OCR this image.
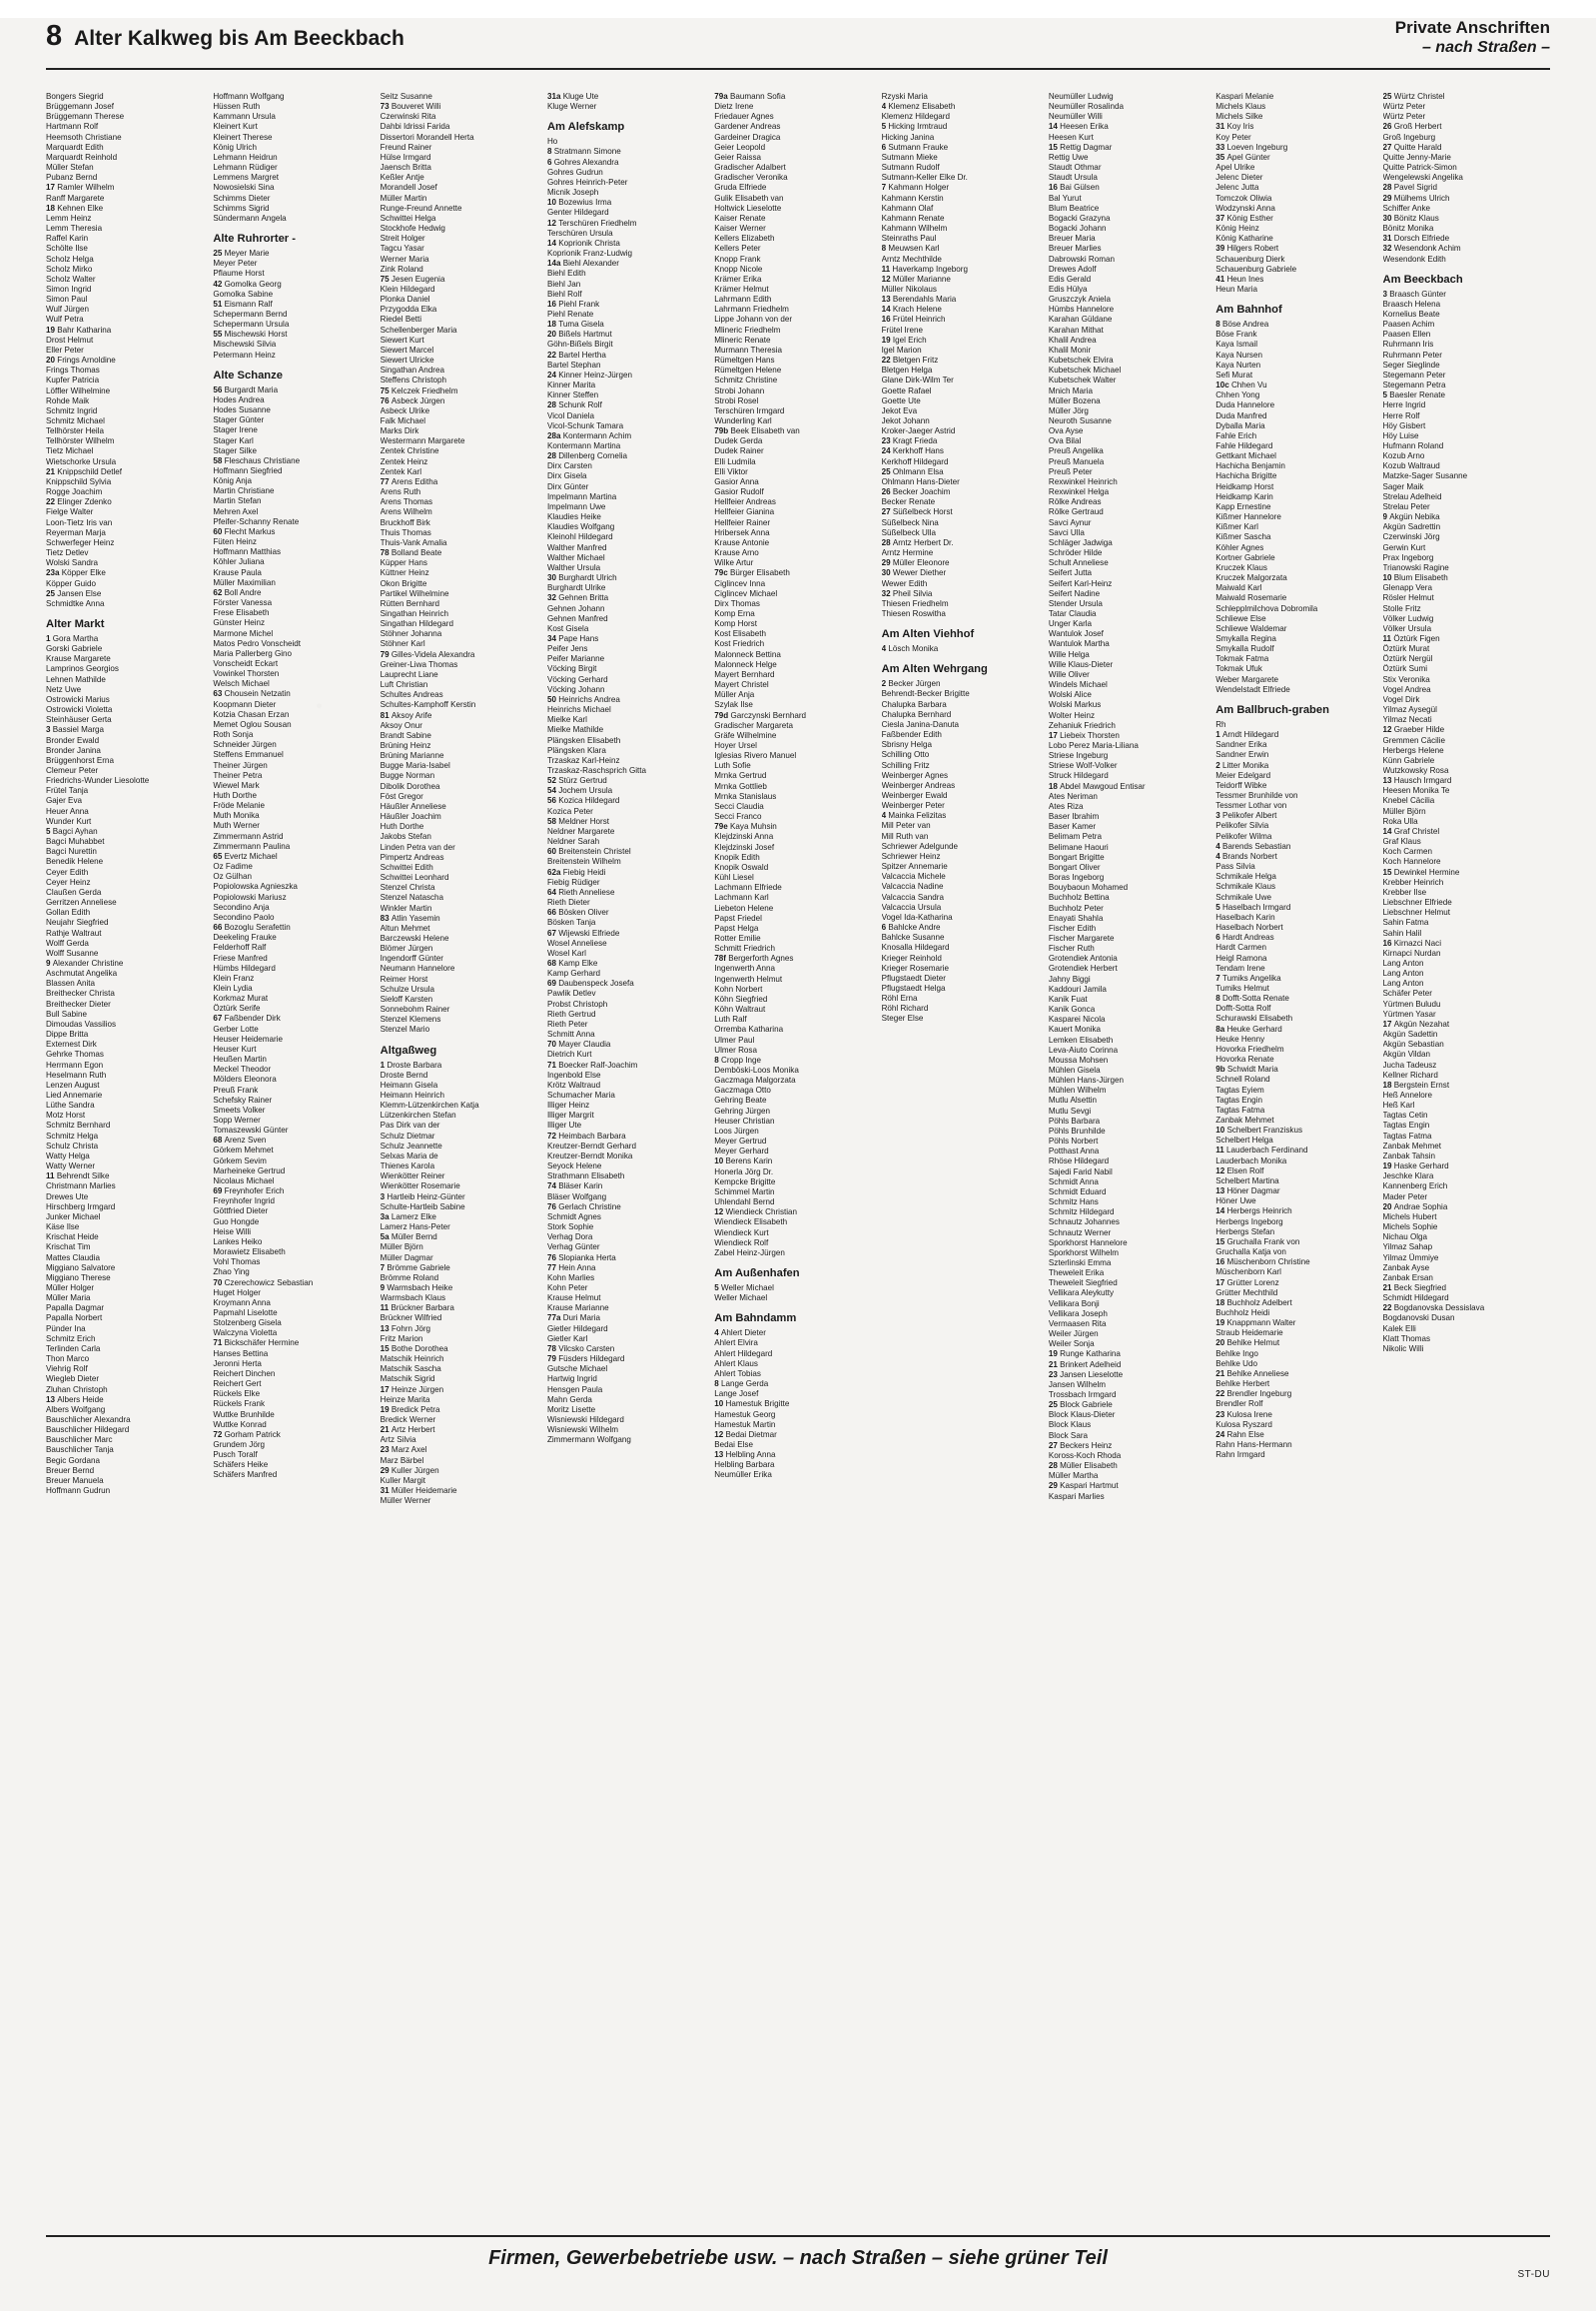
8 Alter Kalkweg bis Am Beeckbach	Private Anschriften
– nach Straßen –
Bongers Siegrid
Brüggemann Josef
Brüggemann Therese
Hartmann Rolf
Heemsoth Christiane
Marquardt Edith
Marquardt Reinhold
Müller Stefan
Pubanz Bernd
17 Ramler Wilhelm
Ranff Margarete
18 Kehnen Elke
Lemm Heinz
Lemm Theresia
Raffel Karin
Schölte Ilse
Scholz Helga
Scholz Mirko
Scholz Walter
Simon Ingrid
Simon Paul
Wulf Jürgen
Wulf Petra
19 Bahr Katharina
Drost Helmut
Eller Peter
20 Frings Arnoldine
Frings Thomas
Kupfer Patricia
Löffler Wilhelmine
Rohde Maik
Schmitz Ingrid
Schmitz Michael
Tellhörster Heila
Tellhörster Wilhelm
Tietz Michael
Wietschorke Ursula
21 Knippschild Detlef
Knippschild Sylvia
Rogge Joachim
22 Elinger Zdenko
Fielge Walter
Loon-Tietz Iris van
Reyerman Marja
Schwerfeger Heinz
Tietz Detlev
Wolski Sandra
23a Köpper Elke
Köpper Guido
25 Jansen Else
Schmidtke Anna
Alter Markt
1 Gora Martha
Gorski Gabriele
Krause Margarete
Lamprinos Georgios
Lehnen Mathilde
Netz Uwe
Ostrowicki Marius
Ostrowicki Violetta
Steinhäuser Gerta
3 Bassiel Marga
Bronder Ewald
Bronder Janina
Brüggenhorst Erna
Clemeur Peter
Friedrichs-Wunder Liesolotte
Frütel Tanja
Gajer Eva
Heuer Anna
Wunder Kurt
5 Bagci Ayhan
Bagci Muhabbet
Bagci Nurettin
Benedik Helene
Ceyer Edith
Ceyer Heinz
Claußen Gerda
Gerritzen Anneliese
Gollan Edith
Neujahr Siegfried
Rathje Waltraut
Wolff Gerda
Wolff Susanne
9 Alexander Christine
Aschmutat Angelika
Blassen Anita
Breithecker Christa
Breithecker Dieter
Bull Sabine
Dimoudas Vassilios
Dippe Britta
Externest Dirk
Gehrke Thomas
Herrmann Egon
Heselmann Ruth
Lenzen August
Lied Annemarie
Lüthe Sandra
Motz Horst
Schmitz Bernhard
Schmitz Helga
Schulz Christa
Watty Helga
Watty Werner
11 Behrendt Silke
Christmann Marlies
Drewes Ute
Hirschberg Irmgard
Junker Michael
Käse Ilse
Krischat Heide
Krischat Tim
Mattes Claudia
Miggiano Salvatore
Miggiano Therese
Müller Holger
Müller Maria
Papalla Dagmar
Papalla Norbert
Pünder Ina
Schmitz Erich
Terlinden Carla
Thon Marco
Viehrig Rolf
Wiegleb Dieter
Zluhan Christoph
13 Albers Heide
Albers Wolfgang
Bauschlicher Alexandra
Bauschlicher Hildegard
Bauschlicher Marc
Bauschlicher Tanja
Begic Gordana
Breuer Bernd
Breuer Manuela
Hoffmann Gudrun
Hoffmann Wolfgang
Hüssen Ruth
Kammann Ursula
Kleinert Kurt
Kleinert Therese
König Ulrich
Lehmann Heidrun
Lehmann Rüdiger
Lemmens Margret
Nowosielski Sina
Schimms Dieter
Schimms Sigrid
Sündermann Angela
Alte Ruhrorter -
25 Meyer Marie
Meyer Peter
Pflaume Horst
42 Gomolka Georg
Gomolka Sabine
51 Eismann Ralf
Schepermann Bernd
Schepermann Ursula
55 Mischewski Horst
Mischewski Silvia
Petermann Heinz
Alte Schanze
56 Burgardt Maria
Hodes Andrea
Hodes Susanne
Stager Günter
Stager Irene
Stager Karl
Stager Silke
58 Fleschaus Christiane
Hoffmann Siegfried
König Anja
Martin Christiane
Martin Stefan
Mehren Axel
Pfeifer-Schanny Renate
60 Flecht Markus
Füten Heinz
Hoffmann Matthias
Köhler Juliana
Krause Paula
Müller Maximilian
62 Boll Andre
Förster Vanessa
Frese Elisabeth
Günster Heinz
Marmone Michel
Matos Pedro Vonscheidt
Maria Pallerberg Gino
Vonscheidt Eckart
Vowinkel Thorsten
Welsch Michael
63 Chousein Netzatin
Koopmann Dieter
Kotzia Chasan Erzan
Memet Oglou Sousan
Roth Sonja
Schneider Jürgen
Steffens Emmanuel
Theiner Jürgen
Theiner Petra
Wiewel Mark
Huth Dorthe
Fröde Melanie
Muth Monika
Muth Werner
Zimmermann Astrid
Zimmermann Paulina
65 Evertz Michael
Oz Fadime
Oz Gülhan
Popiolowska Agnieszka
Popiolowski Mariusz
Secondino Anja
Secondino Paolo
66 Bozoglu Serafettin
Deekeling Frauke
Felderhoff Ralf
Friese Manfred
Hümbs Hildegard
Klein Franz
Klein Lydia
Korkmaz Murat
Öztürk Serife
67 Faßbender Dirk
Gerber Lotte
Heuser Heidemarie
Heuser Kurt
Heußen Martin
Meckel Theodor
Mölders Eleonora
Preuß Frank
Schefsky Rainer
Smeets Volker
Sopp Werner
Tomaszewski Günter
68 Arenz Sven
Görkem Mehmet
Görkem Sevim
Marheineke Gertrud
Nicolaus Michael
69 Freynhofer Erich
Freynhofer Ingrid
Göttfried Dieter
Guo Hongde
Heise Willi
Lankes Heiko
Morawietz Elisabeth
Vohl Thomas
Zhao Ying
70 Czerechowicz Sebastian
Huget Holger
Kroymann Anna
Papmahl Liselotte
Stolzenberg Gisela
Walczyna Violetta
71 Bickschäfer Hermine
Hanses Bettina
Jeronni Herta
Reichert Dinchen
Reichert Gert
Rückels Elke
Rückels Frank
Wuttke Brunhilde
Wuttke Konrad
72 Gorham Patrick
Grundem Jörg
Pusch Toralf
Schäfers Heike
Schäfers Manfred
Seitz Susanne
73 Bouveret Willi
Czerwinski Rita
Dahbi Idrissi Farida
Dissertori Morandell Herta
Freund Rainer
Hülse Irmgard
Jaensch Britta
Keßler Antje
Morandell Josef
Müller Martin
Runge-Freund Annette
Schwittei Helga
Stockhofe Hedwig
Streit Holger
Tagcu Yasar
Werner Maria
Zink Roland
75 Jesen Eugenia
Klein Hildegard
Plonka Daniel
Przygodda Elka
Riedel Betti
Schellenberger Maria
Siewert Kurt
Siewert Marcel
Siewert Ulricke
Singathan Andrea
Steffens Christoph
75 Kelczek Friedhelm
76 Asbeck Jürgen
Asbeck Ulrike
Falk Michael
Marks Dirk
Westermann Margarete
Zentek Christine
Zentek Heinz
Zentek Karl
77 Arens Editha
Arens Ruth
Arens Thomas
Arens Wilhelm
Bruckhoff Birk
Thuis Thomas
Thuis-Vank Amalia
78 Bolland Beate
Küpper Hans
Küttner Heinz
Okon Brigitte
Partikel Wilhelmine
Rütten Bernhard
Singathan Heinrich
Singathan Hildegard
Stöhner Johanna
Stöhner Karl
79 Gilles-Videla Alexandra
Greiner-Liwa Thomas
Lauprecht Liane
Luft Christian
Schultes Andreas
Schultes-Kamphoff Kerstin
81 Aksoy Arife
Aksoy Onur
Brandt Sabine
Brüning Heinz
Brüning Marianne
Bugge Maria-Isabel
Bugge Norman
Dibolik Dorothea
Föst Gregor
Häußler Anneliese
Häußler Joachim
Huth Dorthe
Jakobs Stefan
Linden Petra van der
Pimpertz Andreas
Schwittei Edith
Schwittei Leonhard
Stenzel Christa
Stenzel Natascha
Winkler Martin
83 Atlin Yasemin
Altun Mehmet
Barczewski Helene
Blömer Jürgen
Ingendorff Günter
Neumann Hannelore
Reimer Horst
Schulze Ursula
Sieloff Karsten
Sonnebohm Rainer
Stenzel Klemens
Stenzel Mario
Altgaßweg
1 Droste Barbara
Droste Bernd
Heimann Gisela
Heimann Heinrich
Klemm-Lützenkirchen Katja
Lützenkirchen Stefan
Pas Dirk van der
Schulz Dietmar
Schulz Jeannette
Selxas Maria de
Thienes Karola
Wienkötter Reiner
Wienkötter Rosemarie
3 Hartleib Heinz-Günter
Schulte-Hartleib Sabine
3a Lamerz Elke
Lamerz Hans-Peter
5a Müller Bernd
Müller Björn
Müller Dagmar
7 Brömme Gabriele
Brömme Roland
9 Warmsbach Heike
Warmsbach Klaus
11 Brückner Barbara
Brückner Wilfried
13 Fohrn Jörg
Fritz Marion
15 Bothe Dorothea
Matschik Heinrich
Matschik Sascha
Matschik Sigrid
17 Heinze Jürgen
Heinze Marita
19 Bredick Petra
Bredick Werner
21 Artz Herbert
Artz Silvia
23 Marz Axel
Marz Bärbel
29 Kuller Jürgen
Kuller Margit
31 Müller Heidemarie
Müller Werner
31a Kluge Ute
Kluge Werner
Am Alefskamp
Ho
8 Stratmann Simone
6 Gohres Alexandra
Gohres Gudrun
Gohres Heinrich-Peter
Micnik Joseph
10 Bozewius Irma
Genter Hildegard
12 Terschüren Friedhelm
Terschüren Ursula
14 Koprionik Christa
Koprionik Franz-Ludwig
14a Biehl Alexander
Biehl Edith
Biehl Jan
Biehl Rolf
16 Piehl Frank
Piehl Renate
18 Tuma Gisela
20 Bißels Hartmut
Göhn-Bißels Birgit
22 Bartel Hertha
Bartel Stephan
24 Kinner Heinz-Jürgen
Kinner Marita
Kinner Steffen
28 Schunk Rolf
Vicol Daniela
Vicol-Schunk Tamara
28a Kontermann Achim
Kontermann Martina
28 Dillenberg Cornelia
Dirx Carsten
Dirx Gisela
Dirx Günter
Impelmann Martina
Impelmann Uwe
Klaudies Heike
Klaudies Wolfgang
Kleinohl Hildegard
Walther Manfred
Walther Michael
Walther Ursula
30 Burghardt Ulrich
Burghardt Ulrike
32 Gehnen Britta
Gehnen Johann
Gehnen Manfred
Kost Gisela
34 Pape Hans
Peifer Jens
Peifer Marianne
Vöcking Birgit
Vöcking Gerhard
Vöcking Johann
50 Heinrichs Andrea
Heinrichs Michael
Mielke Karl
Mielke Mathilde
Plängsken Elisabeth
Plängsken Klara
Trzaskaz Karl-Heinz
Trzaskaz-Raschsprich Gitta
52 Stürz Gertrud
54 Jochem Ursula
56 Kozica Hildegard
Kozica Peter
58 Meldner Horst
Neldner Margarete
Neldner Sarah
60 Breitenstein Christel
Breitenstein Wilhelm
62a Fiebig Heidi
Fiebig Rüdiger
64 Rieth Anneliese
Rieth Dieter
66 Bösken Oliver
Bösken Tanja
67 Wijewski Elfriede
Wosel Anneliese
Wosel Karl
68 Kamp Elke
Kamp Gerhard
69 Daubenspeck Josefa
Pawlik Detlev
Probst Christoph
Rieth Gertrud
Rieth Peter
Schmitt Anna
70 Mayer Claudia
Dietrich Kurt
71 Boecker Ralf-Joachim
Ingenbold Else
Krötz Waltraud
Schumacher Maria
Illiger Heinz
Illiger Margrit
Illiger Ute
72 Heimbach Barbara
Kreutzer-Berndt Gerhard
Kreutzer-Berndt Monika
Seyock Helene
Strathmann Elisabeth
74 Bläser Karin
Bläser Wolfgang
76 Gerlach Christine
Schmidt Agnes
Stork Sophie
Verhag Dora
Verhag Günter
76 Slopianka Herta
77 Hein Anna
Kohn Marlies
Kohn Peter
Krause Helmut
Krause Marianne
77a Duri Maria
Gietler Hildegard
Gietler Karl
78 Vilcsko Carsten
79 Füsders Hildegard
Gutsche Michael
Hartwig Ingrid
Hensgen Paula
Mahn Gerda
Moritz Lisette
Wisniewski Hildegard
Wisniewski Wilhelm
Zimmermann Wolfgang
79a Baumann Sofia
Dietz Irene
Friedauer Agnes
Gardener Andreas
Gardeiner Dragica
Geier Leopold
Geier Raissa
Gradischer Adalbert
Gradischer Veronika
Gruda Elfriede
Gulik Elisabeth van
Holtwick Lieselotte
Kaiser Renate
Kaiser Werner
Kellers Elizabeth
Kellers Peter
Knopp Frank
Knopp Nicole
Krämer Erika
Krämer Helmut
Lahrmann Edith
Lahrmann Friedhelm
Lippe Johann von der
Mlineric Friedhelm
Mlineric Renate
Murmann Theresia
Rümeltgen Hans
Rümeltgen Helene
Schmitz Christine
Strobi Johann
Strobi Rosel
Terschüren Irmgard
Wunderling Karl
79b Beek Elisabeth van
Dudek Gerda
Dudek Rainer
Elli Ludmila
Elli Viktor
Gasior Anna
Gasior Rudolf
Hellfeier Andreas
Hellfeier Gianina
Hellfeier Rainer
Hribersek Anna
Krause Antonie
Krause Arno
Wilke Artur
79c Bürger Elisabeth
Ciglincev Inna
Ciglincev Michael
Dirx Thomas
Komp Erna
Komp Horst
Kost Elisabeth
Kost Friedrich
Malonneck Bettina
Malonneck Helge
Mayert Bernhard
Mayert Christel
Müller Anja
Szylak Ilse
79d Garczynski Bernhard
Gradischer Margareta
Gräfe Wilhelmine
Hoyer Ursel
Iglesias Rivero Manuel
Luth Sofie
Mrnka Gertrud
Mrnka Gottlieb
Mrnka Stanislaus
Secci Claudia
Secci Franco
79e Kaya Muhsin
Klejdzinski Anna
Klejdzinski Josef
Knopik Edith
Knopik Oswald
Kühl Liesel
Lachmann Elfriede
Lachmann Karl
Liebeton Helene
Papst Friedel
Papst Helga
Rotter Emilie
Schmitt Friedrich
78f Bergerforth Agnes
Ingenwerth Anna
Ingenwerth Helmut
Kohn Norbert
Köhn Siegfried
Köhn Waltraut
Luth Ralf
Orremba Katharina
Ulmer Paul
Ulmer Rosa
8 Cropp Inge
Demböski-Loos Monika
Gaczmaga Malgorzata
Gaczmaga Otto
Gehring Beate
Gehring Jürgen
Heuser Christian
Loos Jürgen
Meyer Gertrud
Meyer Gerhard
10 Berens Karin
Honerla Jörg Dr.
Kempcke Brigitte
Schimmel Martin
Uhlendahl Bernd
12 Wiendieck Christian
Wiendieck Elisabeth
Wiendieck Kurt
Wiendieck Rolf
Zabel Heinz-Jürgen
Am Außenhafen
5 Weller Michael
Weller Michael
Am Bahndamm
4 Ahlert Dieter
Ahlert Elvira
Ahlert Hildegard
Ahlert Klaus
Ahlert Tobias
8 Lange Gerda
Lange Josef
10 Hamestuk Brigitte
Hamestuk Georg
Hamestuk Martin
12 Bedai Dietmar
Bedai Else
13 Helbling Anna
Helbling Barbara
Neumüller Erika
Rzyski Maria
4 Klemenz Elisabeth
Klemenz Hildegard
5 Hicking Irmtraud
Hicking Janina
6 Sutmann Frauke
Sutmann Mieke
Sutmann Rudolf
Sutmann-Keller Elke Dr.
7 Kahmann Holger
Kahmann Kerstin
Kahmann Olaf
Kahmann Renate
Kahmann Wilhelm
Steinraths Paul
8 Meuwsen Karl
Arntz Mechthilde
11 Haverkamp Ingeborg
12 Müller Marianne
Müller Nikolaus
13 Berendahls Maria
14 Krach Helene
16 Frütel Heinrich
Frütel Irene
19 Igel Erich
Igel Marion
22 Bletgen Fritz
Bletgen Helga
Glane Dirk-Wilm Ter
Goette Rafael
Goette Ute
Jekot Eva
Jekot Johann
Kroker-Jaeger Astrid
23 Kragt Frieda
24 Kerkhoff Hans
Kerkhoff Hildegard
25 Ohlmann Elsa
Ohlmann Hans-Dieter
26 Becker Joachim
Becker Renate
27 Süßelbeck Horst
Süßelbeck Nina
Süßelbeck Ulla
28 Arntz Herbert Dr.
Arntz Hermine
29 Müller Eleonore
30 Wewer Diether
Wewer Edith
32 Pheil Silvia
Thiesen Friedhelm
Thiesen Roswitha
Am Alten Viehhof
4 Lösch Monika
Am Alten Wehrgang
2 Becker Jürgen
Behrendt-Becker Brigitte
Chalupka Barbara
Chalupka Bernhard
Ciesla Janina-Danuta
Faßbender Edith
Sbrisny Helga
Schilling Otto
Schilling Fritz
Weinberger Agnes
Weinberger Andreas
Weinberger Ewald
Weinberger Peter
4 Mainka Felizitas
Mill Peter van
Mill Ruth van
Schriewer Adelgunde
Schriewer Heinz
Spitzer Annemarie
Valcaccia Michele
Valcaccia Nadine
Valcaccia Sandra
Valcaccia Ursula
Vogel Ida-Katharina
6 Bahlcke Andre
Bahlcke Susanne
Knosalla Hildegard
Krieger Reinhold
Krieger Rosemarie
Pflugstaedt Dieter
Pflugstaedt Helga
Röhl Erna
Röhl Richard
Steger Else
Neumüller Ludwig
Neumüller Rosalinda
Neumüller Willi
14 Heesen Erika
Heesen Kurt
15 Rettig Dagmar
Rettig Uwe
Staudt Othmar
Staudt Ursula
16 Bai Gülsen
Bal Yurut
Blum Beatrice
Bogacki Grazyna
Bogacki Johann
Breuer Maria
Breuer Marlies
Dabrowski Roman
Drewes Adolf
Edis Gerald
Edis Hülya
Gruszczyk Aniela
Hümbs Hannelore
Karahan Güldane
Karahan Mithat
Khalil Andrea
Khalil Monir
Kubetschek Elvira
Kubetschek Michael
Kubetschek Walter
Mnich Maria
Müller Bozena
Müller Jörg
Neuroth Susanne
Ova Ayse
Ova Bilal
Preuß Angelika
Preuß Manuela
Preuß Peter
Rexwinkel Heinrich
Rexwinkel Helga
Rölke Andreas
Rölke Gertraud
Savci Aynur
Savci Ulla
Schläger Jadwiga
Schröder Hilde
Schult Anneliese
Seifert Jutta
Seifert Karl-Heinz
Seifert Nadine
Stender Ursula
Tatar Claudia
Unger Karla
Wantulok Josef
Wantulok Martha
Wille Helga
Wille Klaus-Dieter
Wille Oliver
Windels Michael
Wolski Alice
Wolski Markus
Wolter Heinz
Zehaniuk Friedrich
17 Liebeix Thorsten
Lobo Perez Maria-Liliana
Striese Ingeburg
Striese Wolf-Volker
Struck Hildegard
18 Abdel Mawgoud Entisar
Ates Neriman
Ates Riza
Baser Ibrahim
Baser Kamer
Belimam Petra
Belimane Haouri
Bongart Brigitte
Bongart Oliver
Boras Ingeborg
Bouybaoun Mohamed
Buchholz Bettina
Buchholz Peter
Enayati Shahla
Fischer Edith
Fischer Margarete
Fischer Ruth
Grotendiek Antonia
Grotendiek Herbert
Jahny Biggi
Kaddouri Jamila
Kanik Fuat
Kanik Gonca
Kasparei Nicola
Kauert Monika
Lemken Elisabeth
Leva-Aiuto Corinna
Moussa Mohsen
Mühlen Gisela
Mühlen Hans-Jürgen
Mühlen Wilhelm
Mutlu Alsettin
Mutlu Sevgi
Pöhls Barbara
Pöhls Brunhilde
Pöhls Norbert
Potthast Anna
Rhöse Hildegard
Sajedi Farid Nabil
Schmidt Anna
Schmidt Eduard
Schmitz Hans
Schmitz Hildegard
Schnautz Johannes
Schnautz Werner
Sporkhorst Hannelore
Sporkhorst Wilhelm
Szterlinski Emma
Theweleit Erika
Theweleit Siegfried
Vellikara Aleykutty
Vellikara Bonji
Vellikara Joseph
Vermaasen Rita
Weiler Jürgen
Weiler Sonja
19 Runge Katharina
21 Brinkert Adelheid
23 Jansen Lieselotte
Jansen Wilhelm
Trossbach Irmgard
25 Block Gabriele
Block Klaus-Dieter
Block Klaus
Block Sara
27 Beckers Heinz
Koross-Koch Rhoda
28 Müller Elisabeth
Müller Martha
29 Kaspari Hartmut
Kaspari Marlies
Kaspari Melanie
Michels Klaus
Michels Silke
31 Koy Iris
Koy Peter
33 Loeven Ingeburg
35 Apel Günter
Apel Ulrike
Jelenc Dieter
Jelenc Jutta
Tomczok Oliwia
Wodzynski Anna
37 König Esther
König Heinz
König Katharine
39 Hilgers Robert
Schauenburg Dierk
Schauenburg Gabriele
41 Heun Ines
Heun Maria
Am Bahnhof
8 Böse Andrea
Böse Frank
Kaya Ismail
Kaya Nursen
Kaya Nurten
Sefi Murat
10c Chhen Vu
Chhen Yong
Duda Hannelore
Duda Manfred
Dyballa Maria
Fahle Erich
Fahle Hildegard
Gettkant Michael
Hachicha Benjamin
Hachicha Brigitte
Heidkamp Horst
Heidkamp Karin
Kapp Ernestine
Kißmer Hannelore
Kißmer Karl
Kißmer Sascha
Köhler Agnes
Kortner Gabriele
Kruczek Klaus
Kruczek Malgorzata
Maiwald Karl
Maiwald Rosemarie
Schlepplmilchova Dobromila
Schliewe Else
Schliewe Waldemar
Smykalla Regina
Smykalla Rudolf
Tokmak Fatma
Tokmak Ufuk
Weber Margarete
Wendelstadt Elfriede
Am Ballbruch-graben
Rh
1 Arndt Hildegard
Sandner Erika
Sandner Erwin
2 Litter Monika
Meier Edelgard
Teidorff Wibke
Tessmer Brunhilde von
Tessmer Lothar von
3 Pelikofer Albert
Pelikofer Silvia
Pelikofer Wilma
4 Barends Sebastian
4 Brands Norbert
Pass Silvia
Schmikale Helga
Schmikale Klaus
Schmikale Uwe
5 Haselbach Irmgard
Haselbach Karin
Haselbach Norbert
6 Hardt Andreas
Hardt Carmen
Heigl Ramona
Tendam Irene
7 Tumiks Angelika
Tumiks Helmut
8 Dofft-Sotta Renate
Dofft-Sotta Rolf
Schurawski Elisabeth
8a Heuke Gerhard
Heuke Henny
Hovorka Friedhelm
Hovorka Renate
9b Schwidt Maria
Schnell Roland
Tagtas Eyiem
Tagtas Engin
Tagtas Fatma
Zanbak Mehmet
10 Schelbert Franziskus
Schelbert Helga
11 Lauderbach Ferdinand
Lauderbach Monika
12 Elsen Rolf
Schelbert Martina
13 Höner Dagmar
Höner Uwe
14 Herbergs Heinrich
Herbergs Ingeborg
Herbergs Stefan
15 Gruchalla Frank von
Gruchalla Katja von
16 Müschenborn Christine
Müschenborn Karl
17 Grütter Lorenz
Grütter Mechthild
18 Buchholz Adelbert
Buchholz Heidi
19 Knappmann Walter
Straub Heidemarie
20 Behlke Helmut
Behlke Ingo
Behlke Udo
21 Behlke Anneliese
Behlke Herbert
22 Brendler Ingeburg
Brendler Rolf
23 Kulosa Irene
Kulosa Ryszard
24 Rahn Else
Rahn Hans-Hermann
Rahn Irmgard
25 Würtz Christel
Würtz Peter
Würtz Peter
26 Groß Herbert
Groß Ingeburg
27 Quitte Harald
Quitte Jenny-Marie
Quitte Patrick-Simon
Wengelewski Angelika
28 Pavel Sigrid
29 Mülhems Ulrich
Schiffer Anke
30 Bönitz Klaus
Bönitz Monika
31 Dorsch Elfriede
32 Wesendonk Achim
Wesendonk Edith
Am Beeckbach
3 Braasch Günter
Braasch Helena
Kornelius Beate
Paasen Achim
Paasen Ellen
Ruhrmann Iris
Ruhrmann Peter
Seger Sieglinde
Stegemann Peter
Stegemann Petra
5 Baesler Renate
Herre Ingrid
Herre Rolf
Höy Gisbert
Höy Luise
Hufmann Roland
Kozub Arno
Kozub Waltraud
Matzke-Sager Susanne
Sager Maik
Strelau Adelheid
Strelau Peter
9 Akgün Nebika
Akgün Sadrettin
Czerwinski Jörg
Gerwin Kurt
Prax Ingeborg
Trianowski Ragine
10 Blum Elisabeth
Glenapp Vera
Rösler Helmut
Stolle Fritz
Völker Ludwig
Völker Ursula
11 Öztürk Figen
Öztürk Murat
Öztürk Nergül
Öztürk Sumi
Stix Veronika
Vogel Andrea
Vogel Dirk
Yilmaz Aysegül
Yilmaz Necati
12 Graeber Hilde
Gremmen Cäcilie
Herbergs Helene
Künn Gabriele
Wutzkowsky Rosa
13 Hausch Irmgard
Heesen Monika Te
Knebel Cäcilia
Müller Björn
Roka Ulla
14 Graf Christel
Graf Klaus
Koch Carmen
Koch Hannelore
15 Dewinkel Hermine
Krebber Heinrich
Krebber Ilse
Liebschner Elfriede
Liebschner Helmut
Sahin Fatma
Sahin Halil
16 Kirnazci Naci
Kirnapci Nurdan
Lang Anton
Lang Anton
Lang Anton
Schäfer Peter
Yürtmen Buludu
Yürtmen Yasar
17 Akgün Nezahat
Akgün Sadettin
Akgün Sebastian
Akgün Vildan
Jucha Tadeusz
Kellner Richard
18 Bergstein Ernst
Heß Annelore
Heß Karl
Tagtas Cetin
Tagtas Engin
Tagtas Fatma
Zanbak Mehmet
Zanbak Tahsin
19 Haske Gerhard
Jeschke Klara
Kannenberg Erich
Mader Peter
20 Andrae Sophia
Michels Hubert
Michels Sophie
Nichau Olga
Yilmaz Sahap
Yilmaz Ümmiye
Zanbak Ayse
Zanbak Ersan
21 Beck Siegfried
Schmidt Hildegard
22 Bogdanovska Dessislava
Bogdanovski Dusan
Kalek Elli
Klatt Thomas
Nikolic Willi
Firmen, Gewerbebetriebe usw. – nach Straßen – siehe grüner Teil
ST-DU
